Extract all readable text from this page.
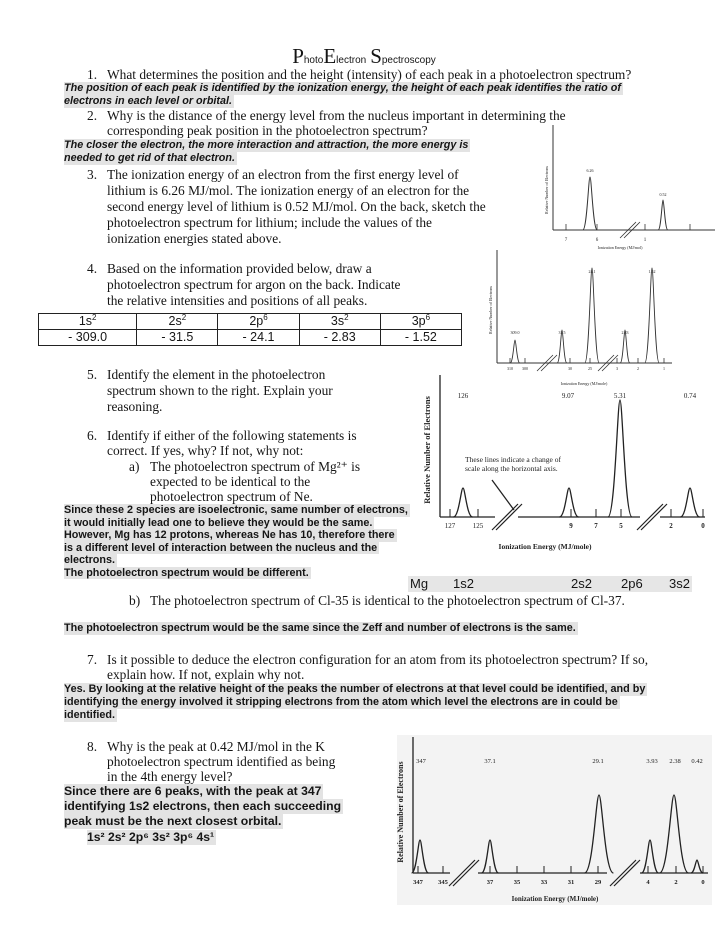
PhotoElectron Spectroscopy
1. What determines the position and the height (intensity) of each peak in a photoelectron spectrum?
The position of each peak is identified by the ionization energy, the height of each peak identifies the ratio of
electrons in each level or orbital.
2. Why is the distance of the energy level from the nucleus important in determining the
corresponding peak position in the photoelectron spectrum?
The closer the electron, the more interaction and attraction, the more energy is
needed to get rid of that electron.
3. The ionization energy of an electron from the first energy level of
lithium is 6.26 MJ/mol. The ionization energy of an electron for the
second energy level of lithium is 0.52 MJ/mol. On the back, sketch the
photoelectron spectrum for lithium; include the values of the
ionization energies stated above.
4. Based on the information provided below, draw a
photoelectron spectrum for argon on the back. Indicate
the relative intensities and positions of all peaks.
$1s^2$	$2s^2$	$2p^6$	$3s^2$	$3p^6$
- 309.0	- 31.5	- 24.1	- 2.83	- 1.52
5. Identify the element in the photoelectron
spectrum shown to the right. Explain your
reasoning.
6. Identify if either of the following statements is
correct. If yes, why? If not, why not:
a) The photoelectron spectrum of Mg²⁺ is
expected to be identical to the
photoelectron spectrum of Ne.
Since these 2 species are isoelectronic, same number of electrons,
it would initially lead one to believe they would be the same.
However, Mg has 12 protons, whereas Ne has 10, therefore there
is a different level of interaction between the nucleus and the
electrons.
The photoelectron spectrum would be different.
Mg 1s2	2s2 2p6 3s2
b) The photoelectron spectrum of Cl-35 is identical to the photoelectron spectrum of Cl-37.
The photoelectron spectrum would be the same since the Zeff and number of electrons is the same.
7. Is it possible to deduce the electron configuration for an atom from its photoelectron spectrum? If so,
explain how. If not, explain why not.
Yes. By looking at the relative height of the peaks the number of electrons at that level could be identified, and by
identifying the energy involved it stripping electrons from the atom which level the electrons are in could be
identified.
8. Why is the peak at 0.42 MJ/mol in the K
photoelectron spectrum identified as being
in the 4th energy level?
Since there are 6 peaks, with the peak at 347
identifying 1s2 electrons, then each succeeding
peak must be the next closest orbital.
1s² 2s² 2p⁶ 3s² 3p⁶ 4s¹
Relative Number of Electrons	6.26
0.52
7	6	1
Ionization Energy (MJ/mol)
Relative Number of Electrons	309.0	31.5
24.1
2.83
1.52
310 300	30	25	3	2	1
Ionization Energy (MJ/mole)
Relative Number of Electrons
126	9.07	5.31	0.74
These lines indicate a change of
scale along the horizontal axis.
127	125	9	7	5	2	0
Ionization Energy (MJ/mole)
Relative Number of Electrons 347	37.1	29.1	3.93 2.38 0.42
347 345	37	35	33	31	29	4	2	0
Ionization Energy (MJ/mole)
